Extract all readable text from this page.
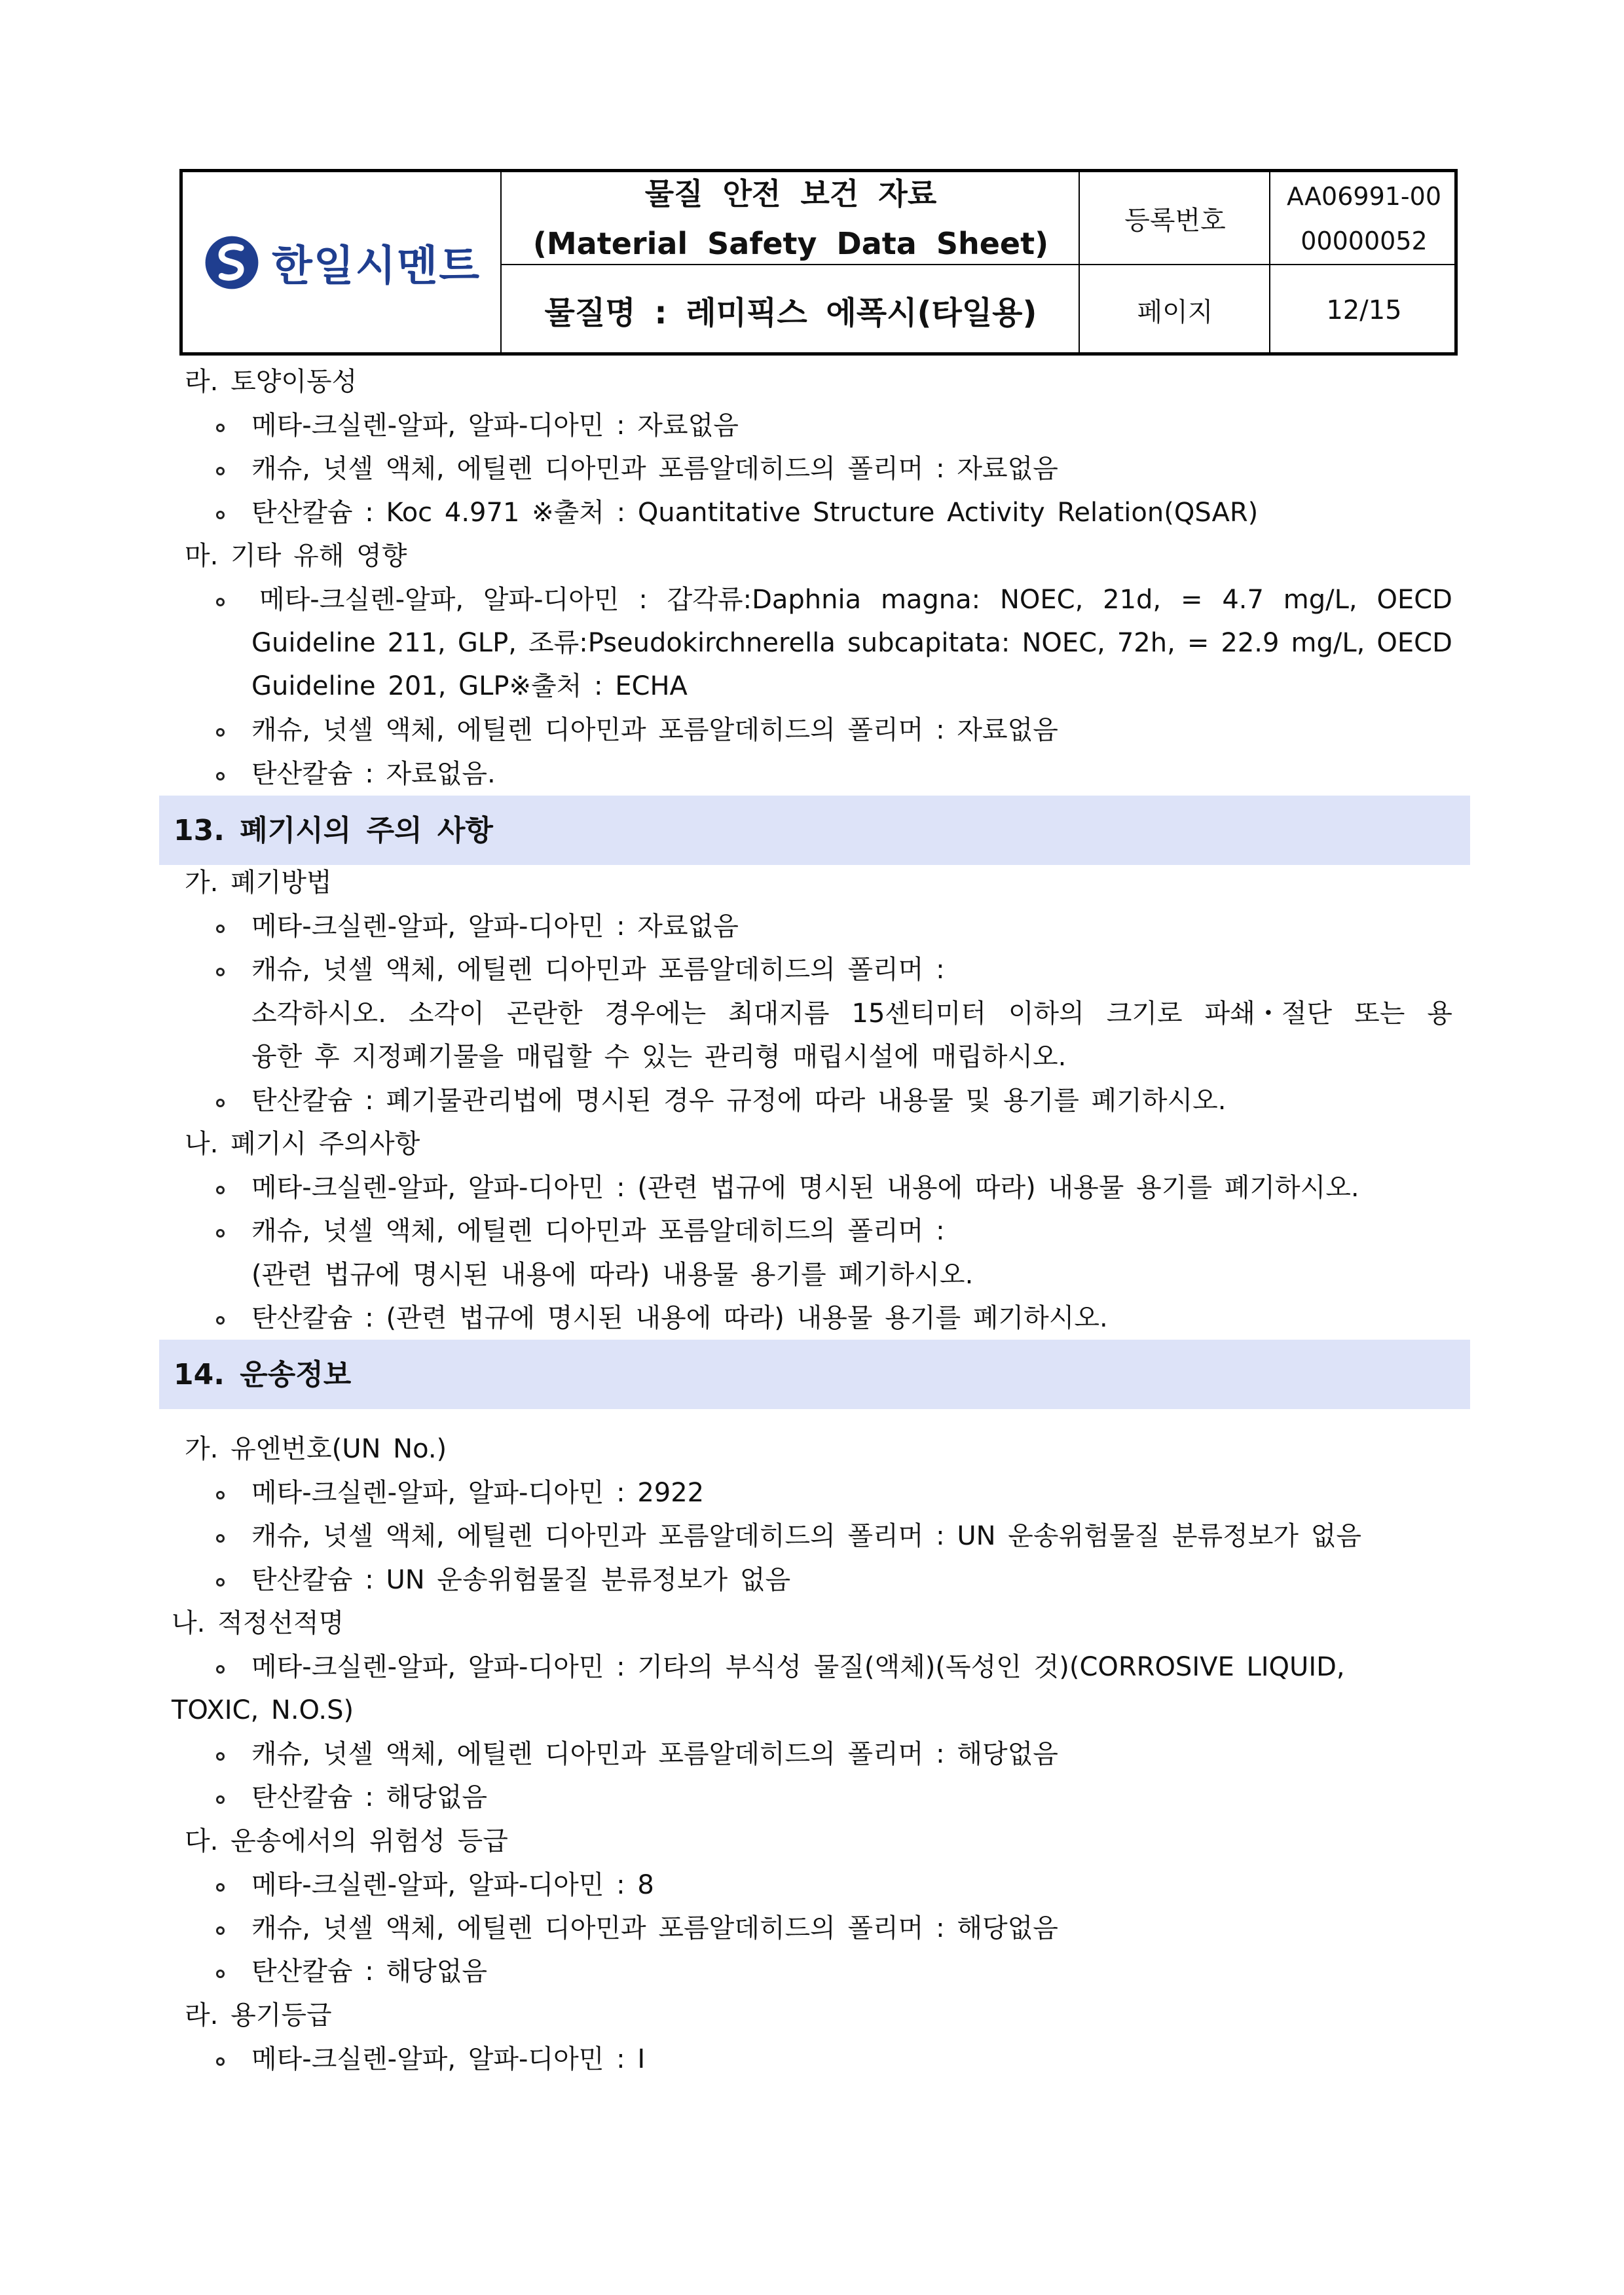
한일시멘트
물질 안전 보건 자료
(Material Safety Data Sheet)
물질명 : 레미픽스 에폭시(타일용)
등록번호
AA06991-00
00000052
페이지	12/15
라. 토양이동성
메타-크실렌-알파, 알파-디아민 : 자료없음
캐슈, 넛셀 액체, 에틸렌 디아민과 포름알데히드의 폴리머 : 자료없음
탄산칼슘 : Koc 4.971 ※출처 : Quantitative Structure Activity Relation(QSAR)
마. 기타 유해 영향
메타-크실렌-알파, 알파-디아민 : 갑각류:Daphnia magna: NOEC, 21d, = 4.7 mg/L, OECD
Guideline 211, GLP, 조류:Pseudokirchnerella subcapitata: NOEC, 72h, = 22.9 mg/L, OECD
Guideline 201, GLP※출처 : ECHA
캐슈, 넛셀 액체, 에틸렌 디아민과 포름알데히드의 폴리머 : 자료없음
탄산칼슘 : 자료없음.
13. 폐기시의 주의 사항
가. 폐기방법
메타-크실렌-알파, 알파-디아민 : 자료없음
캐슈, 넛셀 액체, 에틸렌 디아민과 포름알데히드의 폴리머 :
소각하시오. 소각이 곤란한 경우에는 최대지름 15센티미터 이하의 크기로 파쇄・절단 또는 용
융한 후 지정폐기물을 매립할 수 있는 관리형 매립시설에 매립하시오.
탄산칼슘 : 폐기물관리법에 명시된 경우 규정에 따라 내용물 및 용기를 폐기하시오.
나. 폐기시 주의사항
메타-크실렌-알파, 알파-디아민 : (관련 법규에 명시된 내용에 따라) 내용물 용기를 폐기하시오.
캐슈, 넛셀 액체, 에틸렌 디아민과 포름알데히드의 폴리머 :
(관련 법규에 명시된 내용에 따라) 내용물 용기를 폐기하시오.
탄산칼슘 : (관련 법규에 명시된 내용에 따라) 내용물 용기를 폐기하시오.
14. 운송정보
가. 유엔번호(UN No.)
메타-크실렌-알파, 알파-디아민 : 2922
캐슈, 넛셀 액체, 에틸렌 디아민과 포름알데히드의 폴리머 : UN 운송위험물질 분류정보가 없음
탄산칼슘 : UN 운송위험물질 분류정보가 없음
나. 적정선적명
메타-크실렌-알파, 알파-디아민 : 기타의 부식성 물질(액체)(독성인 것)(CORROSIVE LIQUID,
TOXIC, N.O.S)
캐슈, 넛셀 액체, 에틸렌 디아민과 포름알데히드의 폴리머 : 해당없음
탄산칼슘 : 해당없음
다. 운송에서의 위험성 등급
메타-크실렌-알파, 알파-디아민 : 8
캐슈, 넛셀 액체, 에틸렌 디아민과 포름알데히드의 폴리머 : 해당없음
탄산칼슘 : 해당없음
라. 용기등급
메타-크실렌-알파, 알파-디아민 : I
